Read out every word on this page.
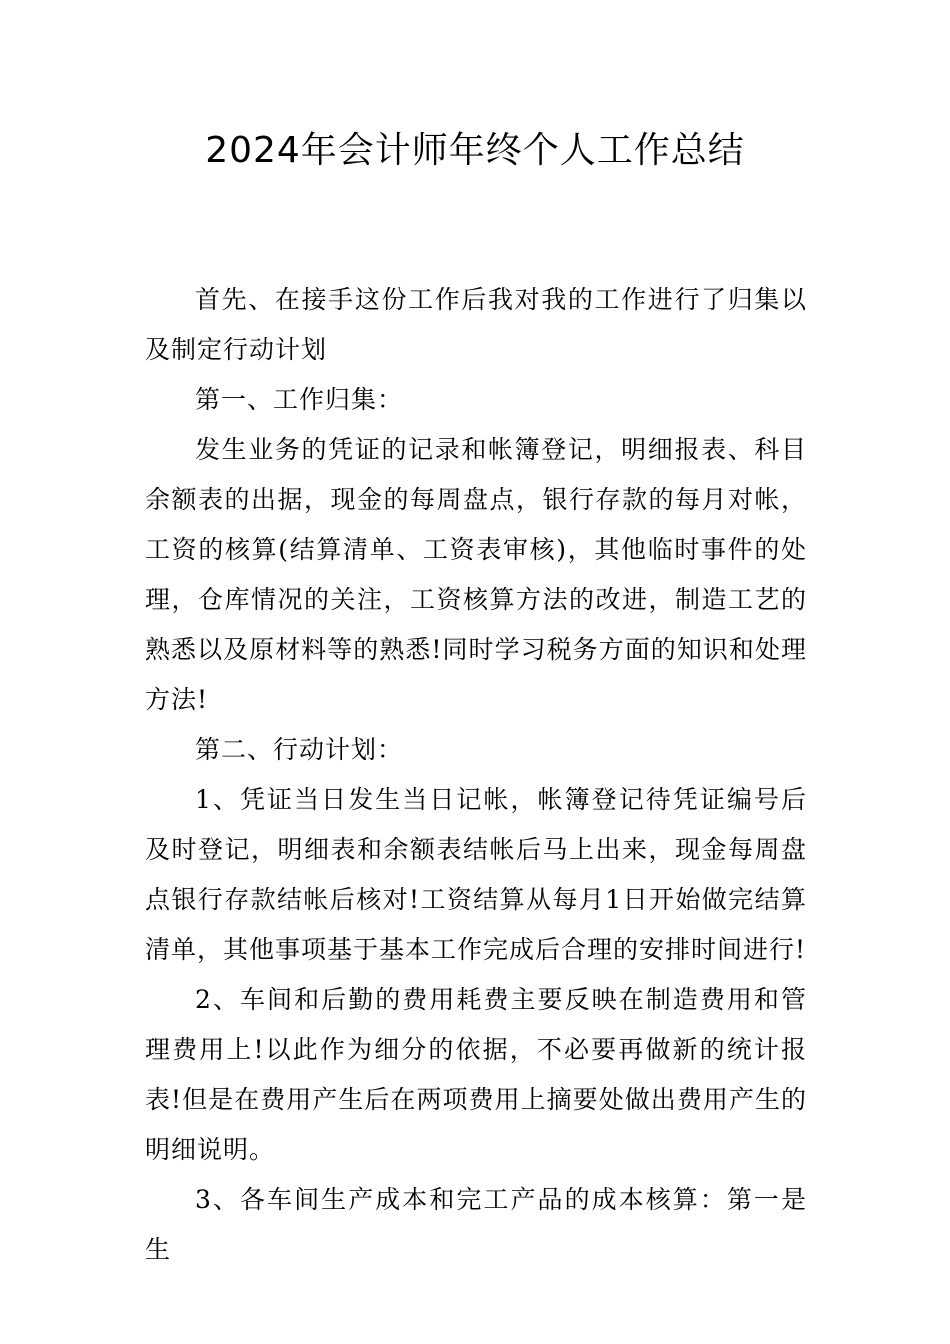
2024年会计师年终个人工作总结

首先、在接手这份工作后我对我的工作进行了归集以及制定行动计划

第一、工作归集：

发生业务的凭证的记录和帐簿登记，明细报表、科目余额表的出据，现金的每周盘点，银行存款的每月对帐，工资的核算(结算清单、工资表审核)，其他临时事件的处理，仓库情况的关注，工资核算方法的改进，制造工艺的熟悉以及原材料等的熟悉!同时学习税务方面的知识和处理方法!

第二、行动计划：

1、凭证当日发生当日记帐，帐簿登记待凭证编号后及时登记，明细表和余额表结帐后马上出来，现金每周盘点银行存款结帐后核对!工资结算从每月1日开始做完结算清单，其他事项基于基本工作完成后合理的安排时间进行!

2、车间和后勤的费用耗费主要反映在制造费用和管理费用上!以此作为细分的依据，不必要再做新的统计报表!但是在费用产生后在两项费用上摘要处做出费用产生的明细说明。

3、各车间生产成本和完工产品的成本核算：第一是生
